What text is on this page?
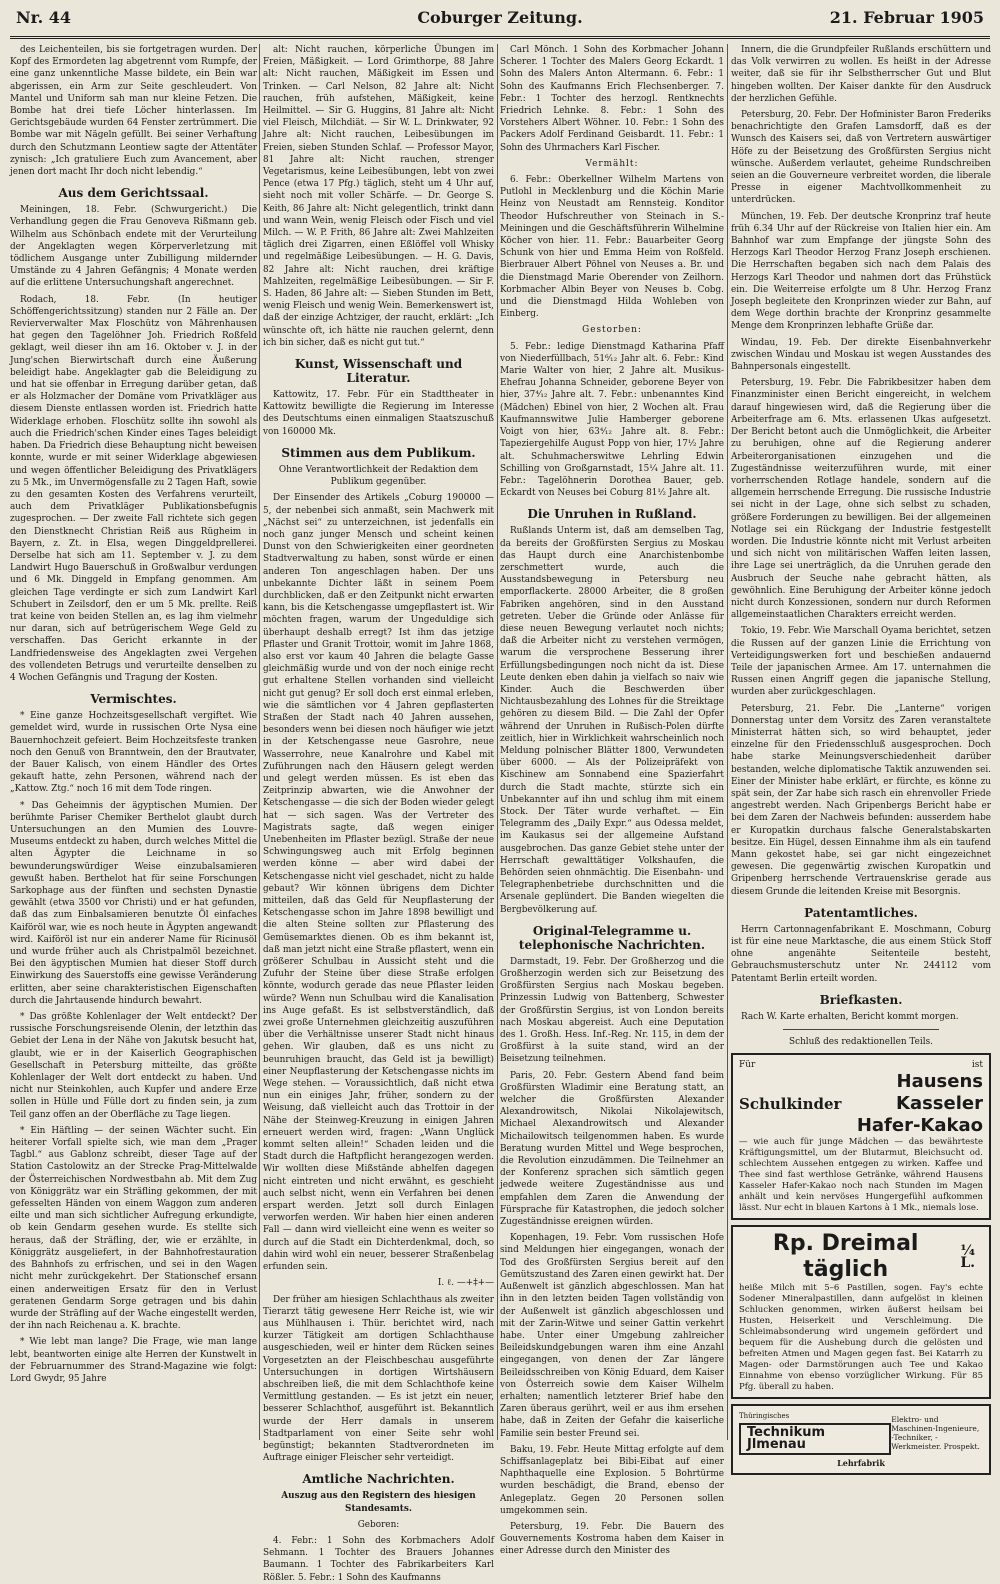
Nr. 44	Coburger Zeitung.	21. Februar 1905

des Leichenteilen, bis sie fortgetragen wurden. Der Kopf des Ermordeten lag abgetrennt vom Rumpfe, der eine ganz unkenntliche Masse bildete, ein Bein war abgerissen, ein Arm zur Seite geschleudert. Von Mantel und Uniform sah man nur kleine Fetzen. Die Bombe hat drei tiefe Löcher hinterlassen. Im Gerichtsgebäude wurden 64 Fenster zertrümmert. Die Bombe war mit Nägeln gefüllt. Bei seiner Verhaftung durch den Schutzmann Leontiew sagte der Attentäter zynisch: „Ich gratuliere Euch zum Avancement, aber jenen dort macht Ihr doch nicht lebendig.“

Aus dem Gerichtssaal.

Meiningen, 18. Febr. (Schwurgericht.) Die Verhandlung gegen die Frau Genoveva Rißmann geb. Wilhelm aus Schönbach endete mit der Verurteilung der Angeklagten wegen Körperverletzung mit tödlichem Ausgange unter Zubilligung mildernder Umstände zu 4 Jahren Gefängnis; 4 Monate werden auf die erlittene Untersuchungshaft angerechnet.

Rodach, 18. Febr. (In heutiger Schöffengerichtssitzung) standen nur 2 Fälle an. Der Revierverwalter Max Floschütz von Mährenhausen hat gegen den Tagelöhner Joh. Friedrich Roßfeld geklagt, weil dieser ihn am 16. Oktober v. J. in der Jung'schen Bierwirtschaft durch eine Äußerung beleidigt habe. Angeklagter gab die Beleidigung zu und hat sie offenbar in Erregung darüber getan, daß er als Holzmacher der Domäne vom Privatkläger aus diesem Dienste entlassen worden ist. Friedrich hatte Widerklage erhoben. Floschütz sollte ihn sowohl als auch die Friedrich'schen Kinder eines Tages beleidigt haben. Da Friedrich diese Behauptung nicht beweisen konnte, wurde er mit seiner Widerklage abgewiesen und wegen öffentlicher Beleidigung des Privatklägers zu 5 Mk., im Unvermögensfalle zu 2 Tagen Haft, sowie zu den gesamten Kosten des Verfahrens verurteilt, auch dem Privatkläger Publikationsbefugnis zugesprochen. — Der zweite Fall richtete sich gegen den Dienstknecht Christian Reiß aus Rügheim in Bayern, z. Zt. in Elsa, wegen Dinggeldprellerei. Derselbe hat sich am 11. September v. J. zu dem Landwirt Hugo Bauerschuß in Großwalbur verdungen und 6 Mk. Dinggeld in Empfang genommen. Am gleichen Tage verdingte er sich zum Landwirt Karl Schubert in Zeilsdorf, den er um 5 Mk. prellte. Reiß trat keine von beiden Stellen an, es lag ihm vielmehr nur daran, sich auf betrügerischem Wege Geld zu verschaffen. Das Gericht erkannte in der Landfriedensweise des Angeklagten zwei Vergehen des vollendeten Betrugs und verurteilte denselben zu 4 Wochen Gefängnis und Tragung der Kosten.

Vermischtes.

* Eine ganze Hochzeitsgesellschaft vergiftet. Wie gemeldet wird, wurde in russischen Orte Nysa eine Bauernhochzeit gefeiert. Beim Hochzeitsfeste tranken noch den Genuß von Branntwein, den der Brautvater, der Bauer Kalisch, von einem Händler des Ortes gekauft hatte, zehn Personen, während nach der „Kattow. Ztg.“ noch 16 mit dem Tode ringen.

* Das Geheimnis der ägyptischen Mumien. Der berühmte Pariser Chemiker Berthelot glaubt durch Untersuchungen an den Mumien des Louvre-Museums entdeckt zu haben, durch welches Mittel die alten Ägypter die Leichname in so bewunderungswürdiger Weise einzubalsamieren gewußt haben. Berthelot hat für seine Forschungen Sarkophage aus der fünften und sechsten Dynastie gewählt (etwa 3500 vor Christi) und er hat gefunden, daß das zum Einbalsamieren benutzte Öl einfaches Kaiföröl war, wie es noch heute in Ägypten angewandt wird. Kaiföröl ist nur ein anderer Name für Ricinusöl und wurde früher auch als Christpalmöl bezeichnet. Bei den ägyptischen Mumien hat dieser Stoff durch Einwirkung des Sauerstoffs eine gewisse Veränderung erlitten, aber seine charakteristischen Eigenschaften durch die Jahrtausende hindurch bewahrt.

* Das größte Kohlenlager der Welt entdeckt? Der russische Forschungsreisende Olenin, der letzthin das Gebiet der Lena in der Nähe von Jakutsk besucht hat, glaubt, wie er in der Kaiserlich Geographischen Gesellschaft in Petersburg mitteilte, das größte Kohlenlager der Welt dort entdeckt zu haben. Und nicht nur Steinkohlen, auch Kupfer und andere Erze sollen in Hülle und Fülle dort zu finden sein, ja zum Teil ganz offen an der Oberfläche zu Tage liegen.

* Ein Häftling — der seinen Wächter sucht. Ein heiterer Vorfall spielte sich, wie man dem „Prager Tagbl.“ aus Gablonz schreibt, dieser Tage auf der Station Castolowitz an der Strecke Prag-Mittelwalde der Österreichischen Nordwestbahn ab. Mit dem Zug von Königgrätz war ein Sträfling gekommen, der mit gefesselten Händen von einem Waggon zum anderen eilte und man sich sichtlicher Aufregung erkundigte, ob kein Gendarm gesehen wurde. Es stellte sich heraus, daß der Sträfling, der, wie er erzählte, in Königgrätz ausgeliefert, in der Bahnhofrestauration des Bahnhofs zu erfrischen, und sei in den Wagen nicht mehr zurückgekehrt. Der Stationschef ersann einen anderweitigen Ersatz für den in Verlust geratenen Gendarm Sorge getragen und bis dahin wurde der Sträfling auf der Wache eingestellt werden, der ihn nach Reichenau a. K. brachte.

* Wie lebt man lange? Die Frage, wie man lange lebt, beantworten einige alte Herren der Kunstwelt in der Februarnummer des Strand-Magazine wie folgt: Lord Gwydr, 95 Jahre

alt: Nicht rauchen, körperliche Übungen im Freien, Mäßigkeit. — Lord Grimthorpe, 88 Jahre alt: Nicht rauchen, Mäßigkeit im Essen und Trinken. — Carl Nelson, 82 Jahre alt: Nicht rauchen, früh aufstehen, Mäßigkeit, keine Heilmittel. — Sir G. Huggins, 81 Jahre alt: Nicht viel Fleisch, Milchdiät. — Sir W. L. Drinkwater, 92 Jahre alt: Nicht rauchen, Leibesübungen im Freien, sieben Stunden Schlaf. — Professor Mayor, 81 Jahre alt: Nicht rauchen, strenger Vegetarismus, keine Leibesübungen, lebt von zwei Pence (etwa 17 Pfg.) täglich, steht um 4 Uhr auf, sieht noch mit voller Schärfe. — Dr. George S. Keith, 86 Jahre alt: Nicht gelegentlich, trinkt dann und wann Wein, wenig Fleisch oder Fisch und viel Milch. — W. P. Frith, 86 Jahre alt: Zwei Mahlzeiten täglich drei Zigarren, einen Eßlöffel voll Whisky und regelmäßige Leibesübungen. — H. G. Davis, 82 Jahre alt: Nicht rauchen, drei kräftige Mahlzeiten, regelmäßige Leibesübungen. — Sir F. S. Haden, 86 Jahre alt: — Sieben Stunden im Bett, wenig Fleisch und wenig Wein. Bemerkenswert ist, daß der einzige Achtziger, der raucht, erklärt: „Ich wünschte oft, ich hätte nie rauchen gelernt, denn ich bin sicher, daß es nicht gut tut.“

Kunst, Wissenschaft und Literatur.

Kattowitz, 17. Febr. Für ein Stadttheater in Kattowitz bewilligte die Regierung im Interesse des Deutschtums einen einmaligen Staatszuschuß von 160000 Mk.

Stimmen aus dem Publikum.

Ohne Verantwortlichkeit der Redaktion dem Publikum gegenüber.

Der Einsender des Artikels „Coburg 190000 — 5, der nebenbei sich anmaßt, sein Machwerk mit „Nächst sei“ zu unterzeichnen, ist jedenfalls ein noch ganz junger Mensch und scheint keinen Dunst von den Schwierigkeiten einer geordneten Stadtverwaltung zu haben, sonst würde er einen anderen Ton angeschlagen haben. Der uns unbekannte Dichter läßt in seinem Poem durchblicken, daß er den Zeitpunkt nicht erwarten kann, bis die Ketschengasse umgepflastert ist. Wir möchten fragen, warum der Ungeduldige sich überhaupt deshalb erregt? Ist ihm das jetzige Pflaster und Granit Trottoir, womit im Jahre 1868, also erst vor kaum 40 Jahren die belagte Gasse gleichmäßig wurde und von der noch einige recht gut erhaltene Stellen vorhanden sind vielleicht nicht gut genug? Er soll doch erst einmal erleben, wie die sämtlichen vor 4 Jahren gepflasterten Straßen der Stadt nach 40 Jahren aussehen, besonders wenn bei diesen noch häufiger wie jetzt in der Ketschengasse neue Gasrohre, neue Wasserrohre, neue Kanalrohre und Kabel mit Zuführungen nach den Häusern gelegt werden und gelegt werden müssen. Es ist eben das Zeitprinzip abwarten, wie die Anwohner der Ketschengasse — die sich der Boden wieder gelegt hat — sich sagen. Was der Vertreter des Magistrats sagte, daß wegen einiger Unebenheiten im Pflaster bezügl. Straße der neue Schwingungsweg auch mit Erfolg beginnen werden könne — aber wird dabei der Ketschengasse nicht viel geschadet, nicht zu halde gebaut? Wir können übrigens dem Dichter mitteilen, daß das Geld für Neupflasterung der Ketschengasse schon im Jahre 1898 bewilligt und die alten Steine sollten zur Pflasterung des Gemüsemarktes dienen. Ob es ihm bekannt ist, daß man jetzt nicht eine Straße pflastert, wenn ein größerer Schulbau in Aussicht steht und die Zufuhr der Steine über diese Straße erfolgen könnte, wodurch gerade das neue Pflaster leiden würde? Wenn nun Schulbau wird die Kanalisation ins Auge gefaßt. Es ist selbstverständlich, daß zwei große Unternehmen gleichzeitig auszuführen über die Verhältnisse unserer Stadt nicht hinaus gehen. Wir glauben, daß es uns nicht zu beunruhigen braucht, das Geld ist ja bewilligt) einer Neupflasterung der Ketschengasse nichts im Wege stehen. — Voraussichtlich, daß nicht etwa nun ein einiges Jahr, früher, sondern zu der Weisung, daß vielleicht auch das Trottoir in der Nähe der Steinweg-Kreuzung in einigen Jahren erneuert werden wird, fragen: „Wann Unglück kommt selten allein!“ Schaden leiden und die Stadt durch die Haftpflicht herangezogen werden. Wir wollten diese Mißstände abhelfen dagegen nicht eintreten und nicht erwähnt, es geschieht auch selbst nicht, wenn ein Verfahren bei denen erspart werden. Jetzt soll durch Einlagen verworfen werden. Wir haben hier einen anderen Fall — dann wird vielleicht eine wenn es weiter so durch auf die Stadt ein Dichterdenkmal, doch, so dahin wird wohl ein neuer, besserer Straßenbelag erfunden sein.

I. ℓ. —+‡+—

Der früher am hiesigen Schlachthaus als zweiter Tierarzt tätig gewesene Herr Reiche ist, wie wir aus Mühlhausen i. Thür. berichtet wird, nach kurzer Tätigkeit am dortigen Schlachthause ausgeschieden, weil er hinter dem Rücken seines Vorgesetzten an der Fleischbeschau ausgeführte Untersuchungen in dortigen Wirtshäusern abschreiben ließ, die mit dem Schlachthofe keine Vermittlung gestanden. — Es ist jetzt ein neuer, besserer Schlachthof, ausgeführt ist. Bekanntlich wurde der Herr damals in unserem Stadtparlament von einer Seite sehr wohl begünstigt; bekannten Stadtverordneten im Auftrage einiger Fleischer sehr verteidigt.

Amtliche Nachrichten.

Auszug aus den Registern des hiesigen Standesamts.

Geboren:

4. Febr.: 1 Sohn des Korbmachers Adolf Sehmann. 1 Tochter des Brauers Johannes Baumann. 1 Tochter des Fabrikarbeiters Karl Rößler. 5. Febr.: 1 Sohn des Kaufmanns

Carl Mönch. 1 Sohn des Korbmacher Johann Scherer. 1 Tochter des Malers Georg Eckardt. 1 Sohn des Malers Anton Altermann. 6. Febr.: 1 Sohn des Kaufmanns Erich Flechsenberger. 7. Febr.: 1 Tochter des herzogl. Rentknechts Friedrich Lehnke. 8. Febr.: 1 Sohn des Vorstehers Albert Wöhner. 10. Febr.: 1 Sohn des Packers Adolf Ferdinand Geisbardt. 11. Febr.: 1 Sohn des Uhrmachers Karl Fischer.

Vermählt:

6. Febr.: Oberkellner Wilhelm Martens von Putlohl in Mecklenburg und die Köchin Marie Heinz von Neustadt am Rennsteig. Konditor Theodor Hufschreuther von Steinach in S.-Meiningen und die Geschäftsführerin Wilhelmine Köcher von hier. 11. Febr.: Bauarbeiter Georg Schunk von hier und Emma Heim von Roßfeld. Bierbrauer Albert Pöhnel von Neuses a. Br. und die Dienstmagd Marie Oberender von Zeilhorn. Korbmacher Albin Beyer von Neuses b. Cobg. und die Dienstmagd Hilda Wohleben von Einberg.

Gestorben:

5. Febr.: ledige Dienstmagd Katharina Pfaff von Niederfüllbach, 51⁶⁄₁₂ Jahr alt. 6. Febr.: Kind Marie Walter von hier, 2 Jahre alt. Musikus-Ehefrau Johanna Schneider, geborene Beyer von hier, 37⁴⁄₁₂ Jahre alt. 7. Febr.: unbenanntes Kind (Mädchen) Ebinel von hier, 2 Wochen alt. Frau Kaufmannswitwe Julie Hamberger geborene Voigt von hier, 63⁴⁄₁₂ Jahre alt. 8. Febr.: Tapeziergehilfe August Popp von hier, 17¹⁄₂ Jahre alt. Schuhmacherswitwe Lehrling Edwin Schilling von Großgarnstadt, 15¹⁄₄ Jahre alt. 11. Febr.: Tagelöhnerin Dorothea Bauer, geb. Eckardt von Neuses bei Coburg 81¹⁄₂ Jahre alt.

Die Unruhen in Rußland.

Rußlands Unterm ist, daß am demselben Tag, da bereits der Großfürsten Sergius zu Moskau das Haupt durch eine Anarchistenbombe zerschmettert wurde, auch die Ausstandsbewegung in Petersburg neu emporflackerte. 28000 Arbeiter, die 8 großen Fabriken angehören, sind in den Ausstand getreten. Ueber die Gründe oder Anlässe für diese neuen Bewegung verlautet noch nichts; daß die Arbeiter nicht zu verstehen vermögen, warum die versprochene Besserung ihrer Erfüllungsbedingungen noch nicht da ist. Diese Leute denken eben dahin ja vielfach so naiv wie Kinder. Auch die Beschwerden über Nichtausbezahlung des Lohnes für die Streiktage gehören zu diesem Bild. — Die Zahl der Opfer während der Unruhen in Rußisch-Polen dürfte zeitlich, hier in Wirklichkeit wahrscheinlich noch Meldung polnischer Blätter 1800, Verwundeten über 6000. — Als der Polizeipräfekt von Kischinew am Sonnabend eine Spazierfahrt durch die Stadt machte, stürzte sich ein Unbekannter auf ihn und schlug ihm mit einem Stock. Der Täter wurde verhaftet. — Ein Telegramm des „Daily Expr.“ aus Odessa meldet, im Kaukasus sei der allgemeine Aufstand ausgebrochen. Das ganze Gebiet stehe unter der Herrschaft gewalttätiger Volkshaufen, die Behörden seien ohnmächtig. Die Eisenbahn- und Telegraphenbetriebe durchschnitten und die Arsenale geplündert. Die Banden wiegelten die Bergbevölkerung auf.

Original-Telegramme u. telephonische Nachrichten.

Darmstadt, 19. Febr. Der Großherzog und die Großherzogin werden sich zur Beisetzung des Großfürsten Sergius nach Moskau begeben. Prinzessin Ludwig von Battenberg, Schwester der Großfürstin Sergius, ist von London bereits nach Moskau abgereist. Auch eine Deputation des 1. Großh. Hess. Inf.-Reg. Nr. 115, in dem der Großfürst à la suite stand, wird an der Beisetzung teilnehmen.

Paris, 20. Febr. Gestern Abend fand beim Großfürsten Wladimir eine Beratung statt, an welcher die Großfürsten Alexander Alexandrowitsch, Nikolai Nikolajewitsch, Michael Alexandrowitsch und Alexander Michailowitsch teilgenommen haben. Es wurde Beratung wurden Mittel und Wege besprochen, die Revolution einzudämmen. Die Teilnehmer an der Konferenz sprachen sich sämtlich gegen jedwede weitere Zugeständnisse aus und empfahlen dem Zaren die Anwendung der Fürsprache für Katastrophen, die jedoch solcher Zugeständnisse ereignen würden.

Kopenhagen, 19. Febr. Vom russischen Hofe sind Meldungen hier eingegangen, wonach der Tod des Großfürsten Sergius bereit auf den Gemütszustand des Zaren einen gewirkt hat. Der Außenwelt ist gänzlich abgeschlossen. Man hat ihn in den letzten beiden Tagen vollständig von der Außenwelt ist gänzlich abgeschlossen und mit der Zarin-Witwe und seiner Gattin verkehrt habe. Unter einer Umgebung zahlreicher Beileidskundgebungen waren ihm eine Anzahl eingegangen, von denen der Zar längere Beileidsschreiben von König Eduard, dem Kaiser von Österreich sowie dem Kaiser Wilhelm erhalten; namentlich letzterer Brief habe den Zaren überaus gerührt, weil er aus ihm ersehen habe, daß in Zeiten der Gefahr die kaiserliche Familie sein bester Freund sei.

Baku, 19. Febr. Heute Mittag erfolgte auf dem Schiffsanlageplatz bei Bibi-Eibat auf einer Naphthaquelle eine Explosion. 5 Bohrtürme wurden beschädigt, die Brand, ebenso der Anlegeplatz. Gegen 20 Personen sollen umgekommen sein.

Petersburg, 19. Febr. Die Bauern des Gouvernements Kostroma haben dem Kaiser in einer Adresse durch den Minister des

Innern, die die Grundpfeiler Rußlands erschüttern und das Volk verwirren zu wollen. Es heißt in der Adresse weiter, daß sie für ihr Selbstherrscher Gut und Blut hingeben wollten. Der Kaiser dankte für den Ausdruck der herzlichen Gefühle.

Petersburg, 20. Febr. Der Hofminister Baron Frederiks benachrichtigte den Grafen Lamsdorff, daß es der Wunsch des Kaisers sei, daß von Vertretern auswärtiger Höfe zu der Beisetzung des Großfürsten Sergius nicht wünsche. Außerdem verlautet, geheime Rundschreiben seien an die Gouverneure verbreitet worden, die liberale Presse in eigener Machtvollkommenheit zu unterdrücken.

München, 19. Feb. Der deutsche Kronprinz traf heute früh 6.34 Uhr auf der Rückreise von Italien hier ein. Am Bahnhof war zum Empfange der jüngste Sohn des Herzogs Karl Theodor Herzog Franz Joseph erschienen. Die Herrschaften begaben sich nach dem Palais des Herzogs Karl Theodor und nahmen dort das Frühstück ein. Die Weiterreise erfolgte um 8 Uhr. Herzog Franz Joseph begleitete den Kronprinzen wieder zur Bahn, auf dem Wege dorthin brachte der Kronprinz gesammelte Menge dem Kronprinzen lebhafte Grüße dar.

Windau, 19. Feb. Der direkte Eisenbahnverkehr zwischen Windau und Moskau ist wegen Ausstandes des Bahnpersonals eingestellt.

Petersburg, 19. Febr. Die Fabrikbesitzer haben dem Finanzminister einen Bericht eingereicht, in welchem darauf hingewiesen wird, daß die Regierung über die Arbeiterfrage am 6. Mts. erlassenen Ukas aufgesetzt. Der Bericht betont auch die Unmöglichkeit, die Arbeiter zu beruhigen, ohne auf die Regierung anderer Arbeiterorganisationen einzugehen und die Zugeständnisse weiterzuführen wurde, mit einer vorherrschenden Rotlage handele, sondern auf die allgemein herrschende Erregung. Die russische Industrie sei nicht in der Lage, ohne sich selbst zu schaden, größere Forderungen zu bewilligen. Bei der allgemeinen Notlage sei ein Rückgang der Industrie festgestellt worden. Die Industrie könnte nicht mit Verlust arbeiten und sich nicht von militärischen Waffen leiten lassen, ihre Lage sei unerträglich, da die Unruhen gerade den Ausbruch der Seuche nahe gebracht hätten, als gewöhnlich. Eine Beruhigung der Arbeiter könne jedoch nicht durch Konzessionen, sondern nur durch Reformen allgemeinstaatlichen Charakters erreicht werden.

Tokio, 19. Febr. Wie Marschall Oyama berichtet, setzen die Russen auf der ganzen Linie die Errichtung von Verteidigungswerken fort und beschießen andauernd Teile der japanischen Armee. Am 17. unternahmen die Russen einen Angriff gegen die japanische Stellung, wurden aber zurückgeschlagen.

Petersburg, 21. Febr. Die „Lanterne“ vorigen Donnerstag unter dem Vorsitz des Zaren veranstaltete Ministerrat hätten sich, so wird behauptet, jeder einzelne für den Friedensschluß ausgesprochen. Doch habe starke Meinungsverschiedenheit darüber bestanden, welche diplomatische Taktik anzuwenden sei. Einer der Minister habe erklärt, er fürchte, es könne zu spät sein, der Zar habe sich rasch ein ehrenvoller Friede angestrebt werden. Nach Gripenbergs Bericht habe er bei dem Zaren der Nachweis befunden: ausserdem habe er Kuropatkin durchaus falsche Generalstabskarten besitze. Ein Hügel, dessen Einnahme ihm als ein taufend Mann gekostet habe, sei gar nicht eingezeichnet gewesen. Die gegenwärtig zwischen Kuropatkin und Gripenberg herrschende Vertrauenskrise gerade aus diesem Grunde die leitenden Kreise mit Besorgnis.

Patentamtliches.

Herrn Cartonnagenfabrikant E. Moschmann, Coburg ist für eine neue Marktasche, die aus einem Stück Stoff ohne angenähte Seitenteile besteht, Gebrauchsmusterschutz unter Nr. 244112 vom Patentamt Berlin erteilt worden.

Briefkasten.

Rach W. Karte erhalten, Bericht kommt morgen.

Schluß des redaktionellen Teils.

Für	ist
Schulkinder
Hausens Kasseler
Hafer-Kakao
— wie auch für junge Mädchen — das bewährteste Kräftigungsmittel, um der Blutarmut, Bleichsucht od. schlechtem Aussehen entgegen zu wirken. Kaffee und Thee sind fast werthlose Getränke, während Hausens Kasseler Hafer-Kakao noch nach Stunden im Magen anhält und kein nervöses Hungergefühl aufkommen lässt. Nur echt in blauen Kartons à 1 Mk., niemals lose.
Rp. Dreimal täglich
¹⁄₄ L.
heiße Milch mit 5–6 Pastillen, sogen. Fay's echte Sodener Mineralpastillen, dann aufgelöst in kleinen Schlucken genommen, wirken äußerst heilsam bei Husten, Heiserkeit und Verschleimung. Die Schleimabsonderung wird ungemein gefördert und bequem für die Aushebung durch die gelösten und befreiten Atmen und Magen gegen fast. Bei Katarrh zu Magen- oder Darmstörungen auch Tee und Kakao Einnahme von ebenso vorzüglicher Wirkung. Für 85 Pfg. überall zu haben.
Thüringisches
Technikum Jlmenau
Elektro- und Maschinen-Ingenieure, -Techniker, -Werkmeister. Prospekt.
Lehrfabrik
